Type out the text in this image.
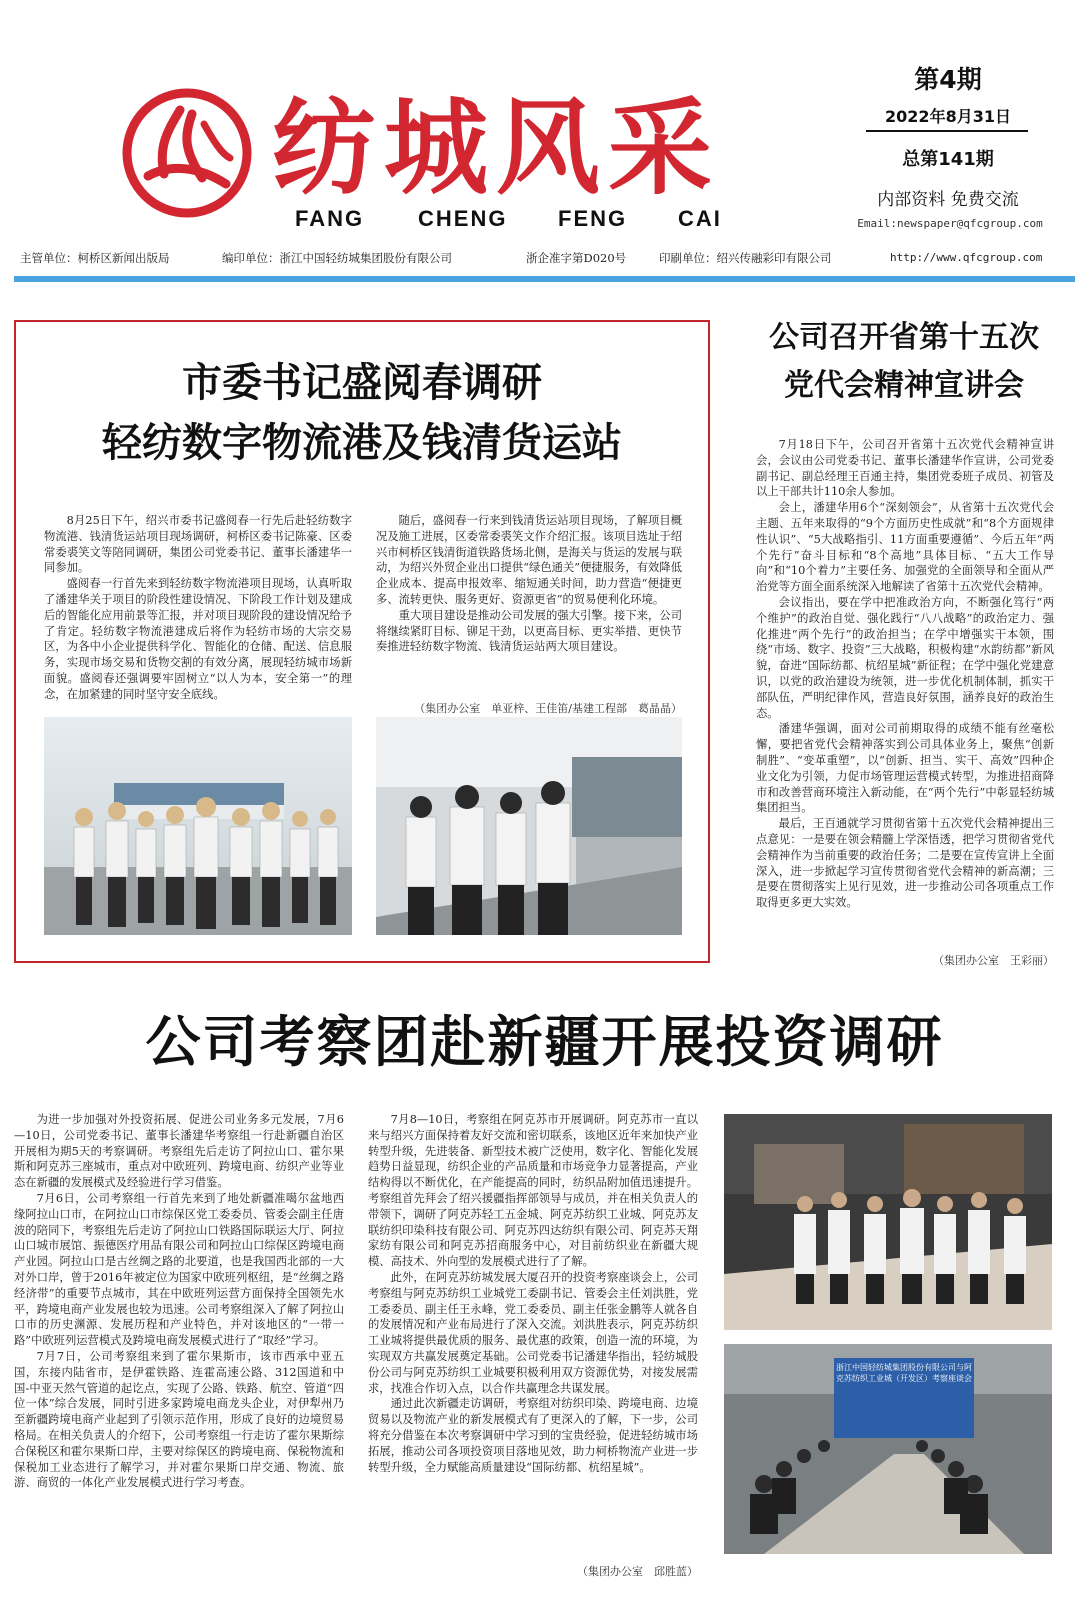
纺城风采
FANG CHENG FENG CAI
第4期
2022年8月31日
总第141期
内部资料 免费交流
Email:newspaper@qfcgroup.com
主管单位：柯桥区新闻出版局	编印单位：浙江中国轻纺城集团股份有限公司	浙企准字第D020号	印刷单位：绍兴传融彩印有限公司	http://www.qfcgroup.com
市委书记盛阅春调研
轻纺数字物流港及钱清货运站

8月25日下午，绍兴市委书记盛阅春一行先后赴轻纺数字物流港、钱清货运站项目现场调研，柯桥区委书记陈豪、区委常委裘笑文等陪同调研，集团公司党委书记、董事长潘建华一同参加。

盛阅春一行首先来到轻纺数字物流港项目现场，认真听取了潘建华关于项目的阶段性建设情况、下阶段工作计划及建成后的智能化应用前景等汇报，并对项目现阶段的建设情况给予了肯定。轻纺数字物流港建成后将作为轻纺市场的大宗交易区，为各中小企业提供科学化、智能化的仓储、配送、信息服务，实现市场交易和货物交割的有效分离，展现轻纺城市场新面貌。盛阅春还强调要牢固树立“以人为本，安全第一”的理念，在加紧建的同时坚守安全底线。

随后，盛阅春一行来到钱清货运站项目现场，了解项目概况及施工进展，区委常委裘笑文作介绍汇报。该项目选址于绍兴市柯桥区钱清街道铁路货场北侧，是海关与货运的发展与联动，为绍兴外贸企业出口提供“绿色通关”便捷服务，有效降低企业成本、提高申报效率、缩短通关时间，助力营造“便捷更多、流转更快、服务更好、资源更省”的贸易便利化环境。

重大项目建设是推动公司发展的强大引擎。接下来，公司将继续紧盯目标、铆足干劲，以更高目标、更实举措、更快节奏推进轻纺数字物流、钱清货运站两大项目建设。

（集团办公室　单亚梓、王佳笛/基建工程部　葛晶晶）
公司召开省第十五次
党代会精神宣讲会

7月18日下午，公司召开省第十五次党代会精神宣讲会，会议由公司党委书记、董事长潘建华作宣讲，公司党委副书记、副总经理王百通主持，集团党委班子成员、初管及以上干部共计110余人参加。

会上，潘建华用6个“深刻领会”，从省第十五次党代会主题、五年来取得的“9个方面历史性成就”和“8个方面规律性认识”、“5大战略指引、11方面重要遵循”、今后五年“两个先行”奋斗目标和“8个高地”具体目标、“五大工作导向”和“10个着力”主要任务、加强党的全面领导和全面从严治党等方面全面系统深入地解读了省第十五次党代会精神。

会议指出，要在学中把准政治方向，不断强化笃行“两个维护”的政治自觉、强化践行“八八战略”的政治定力、强化推进“两个先行”的政治担当；在学中增强实干本领，围绕“市场、数字、投资”三大战略，积极构建“水韵纺都”新风貌，奋进“国际纺都、杭绍星城”新征程；在学中强化党建意识，以党的政治建设为统领，进一步优化机制体制，抓实干部队伍，严明纪律作风，营造良好氛围，涵养良好的政治生态。

潘建华强调，面对公司前期取得的成绩不能有丝毫松懈，要把省党代会精神落实到公司具体业务上，聚焦“创新制胜”、“变革重塑”，以“创新、担当、实干、高效”四种企业文化为引领，力促市场管理运营模式转型，为推进招商降市和改善营商环境注入新动能，在“两个先行”中彰显轻纺城集团担当。

最后，王百通就学习贯彻省第十五次党代会精神提出三点意见：一是要在领会精髓上学深悟透，把学习贯彻省党代会精神作为当前重要的政治任务；二是要在宣传宣讲上全面深入，进一步掀起学习宣传贯彻省党代会精神的新高潮；三是要在贯彻落实上见行见效，进一步推动公司各项重点工作取得更多更大实效。

（集团办公室　王彩丽）
公司考察团赴新疆开展投资调研

为进一步加强对外投资拓展、促进公司业务多元发展，7月6—10日，公司党委书记、董事长潘建华考察组一行赴新疆自治区开展相为期5天的考察调研。考察组先后走访了阿拉山口、霍尔果斯和阿克苏三座城市，重点对中欧班列、跨境电商、纺织产业等业态在新疆的发展模式及经验进行学习借鉴。

7月6日，公司考察组一行首先来到了地处新疆准噶尔盆地西缘阿拉山口市，在阿拉山口市综保区党工委委员、管委会副主任唐波的陪同下，考察组先后走访了阿拉山口铁路国际联运大厅、阿拉山口城市展馆、振德医疗用品有限公司和阿拉山口综保区跨境电商产业园。阿拉山口是古丝绸之路的北要道，也是我国西北部的一大对外口岸，曾于2016年被定位为国家中欧班列枢纽，是“丝绸之路经济带”的重要节点城市，其在中欧班列运营方面保持全国领先水平，跨境电商产业发展也较为迅速。公司考察组深入了解了阿拉山口市的历史渊源、发展历程和产业特色，并对该地区的“一带一路”中欧班列运营模式及跨境电商发展模式进行了“取经”学习。

7月7日，公司考察组来到了霍尔果斯市，该市西承中亚五国，东接内陆省市，是伊霍铁路、连霍高速公路、312国道和中国-中亚天然气管道的起讫点，实现了公路、铁路、航空、管道“四位一体”综合发展，同时引进多家跨境电商龙头企业，对伊犁州乃至新疆跨境电商产业起到了引领示范作用，形成了良好的边境贸易格局。在相关负责人的介绍下，公司考察组一行走访了霍尔果斯综合保税区和霍尔果斯口岸，主要对综保区的跨境电商、保税物流和保税加工业态进行了解学习，并对霍尔果斯口岸交通、物流、旅游、商贸的一体化产业发展模式进行学习考查。

7月8—10日，考察组在阿克苏市开展调研。阿克苏市一直以来与绍兴方面保持着友好交流和密切联系，该地区近年来加快产业转型升级，先进装备、新型技术被广泛使用，数字化、智能化发展趋势日益显现，纺织企业的产品质量和市场竞争力显著提高，产业结构得以不断优化，在产能提高的同时，纺织品附加值迅速提升。考察组首先拜会了绍兴援疆指挥部领导与成员，并在相关负责人的带领下，调研了阿克苏轻工五金城、阿克苏纺织工业城、阿克苏友联纺织印染科技有限公司、阿克苏四达纺织有限公司、阿克苏天翔家纺有限公司和阿克苏招商服务中心，对目前纺织业在新疆大规模、高技术、外向型的发展模式进行了了解。

此外，在阿克苏纺城发展大厦召开的投资考察座谈会上，公司考察组与阿克苏纺织工业城党工委副书记、管委会主任刘洪胜，党工委委员、副主任王永峰，党工委委员、副主任张金鹏等人就各自的发展情况和产业布局进行了深入交流。刘洪胜表示，阿克苏纺织工业城将提供最优质的服务、最优惠的政策，创造一流的环境，为实现双方共赢发展奠定基础。公司党委书记潘建华指出，轻纺城股份公司与阿克苏纺织工业城要积极利用双方资源优势，对接发展需求，找准合作切入点，以合作共赢理念共谋发展。

通过此次新疆走访调研，考察组对纺织印染、跨境电商、边境贸易以及物流产业的新发展模式有了更深入的了解，下一步，公司将充分借鉴在本次考察调研中学习到的宝贵经验，促进轻纺城市场拓展，推动公司各项投资项目落地见效，助力柯桥物流产业进一步转型升级，全力赋能高质量建设“国际纺都、杭绍星城”。

（集团办公室　邱胜蓝）
浙江中国轻纺城集团股份有限公司与阿克苏纺织工业城（开发区）考察座谈会
